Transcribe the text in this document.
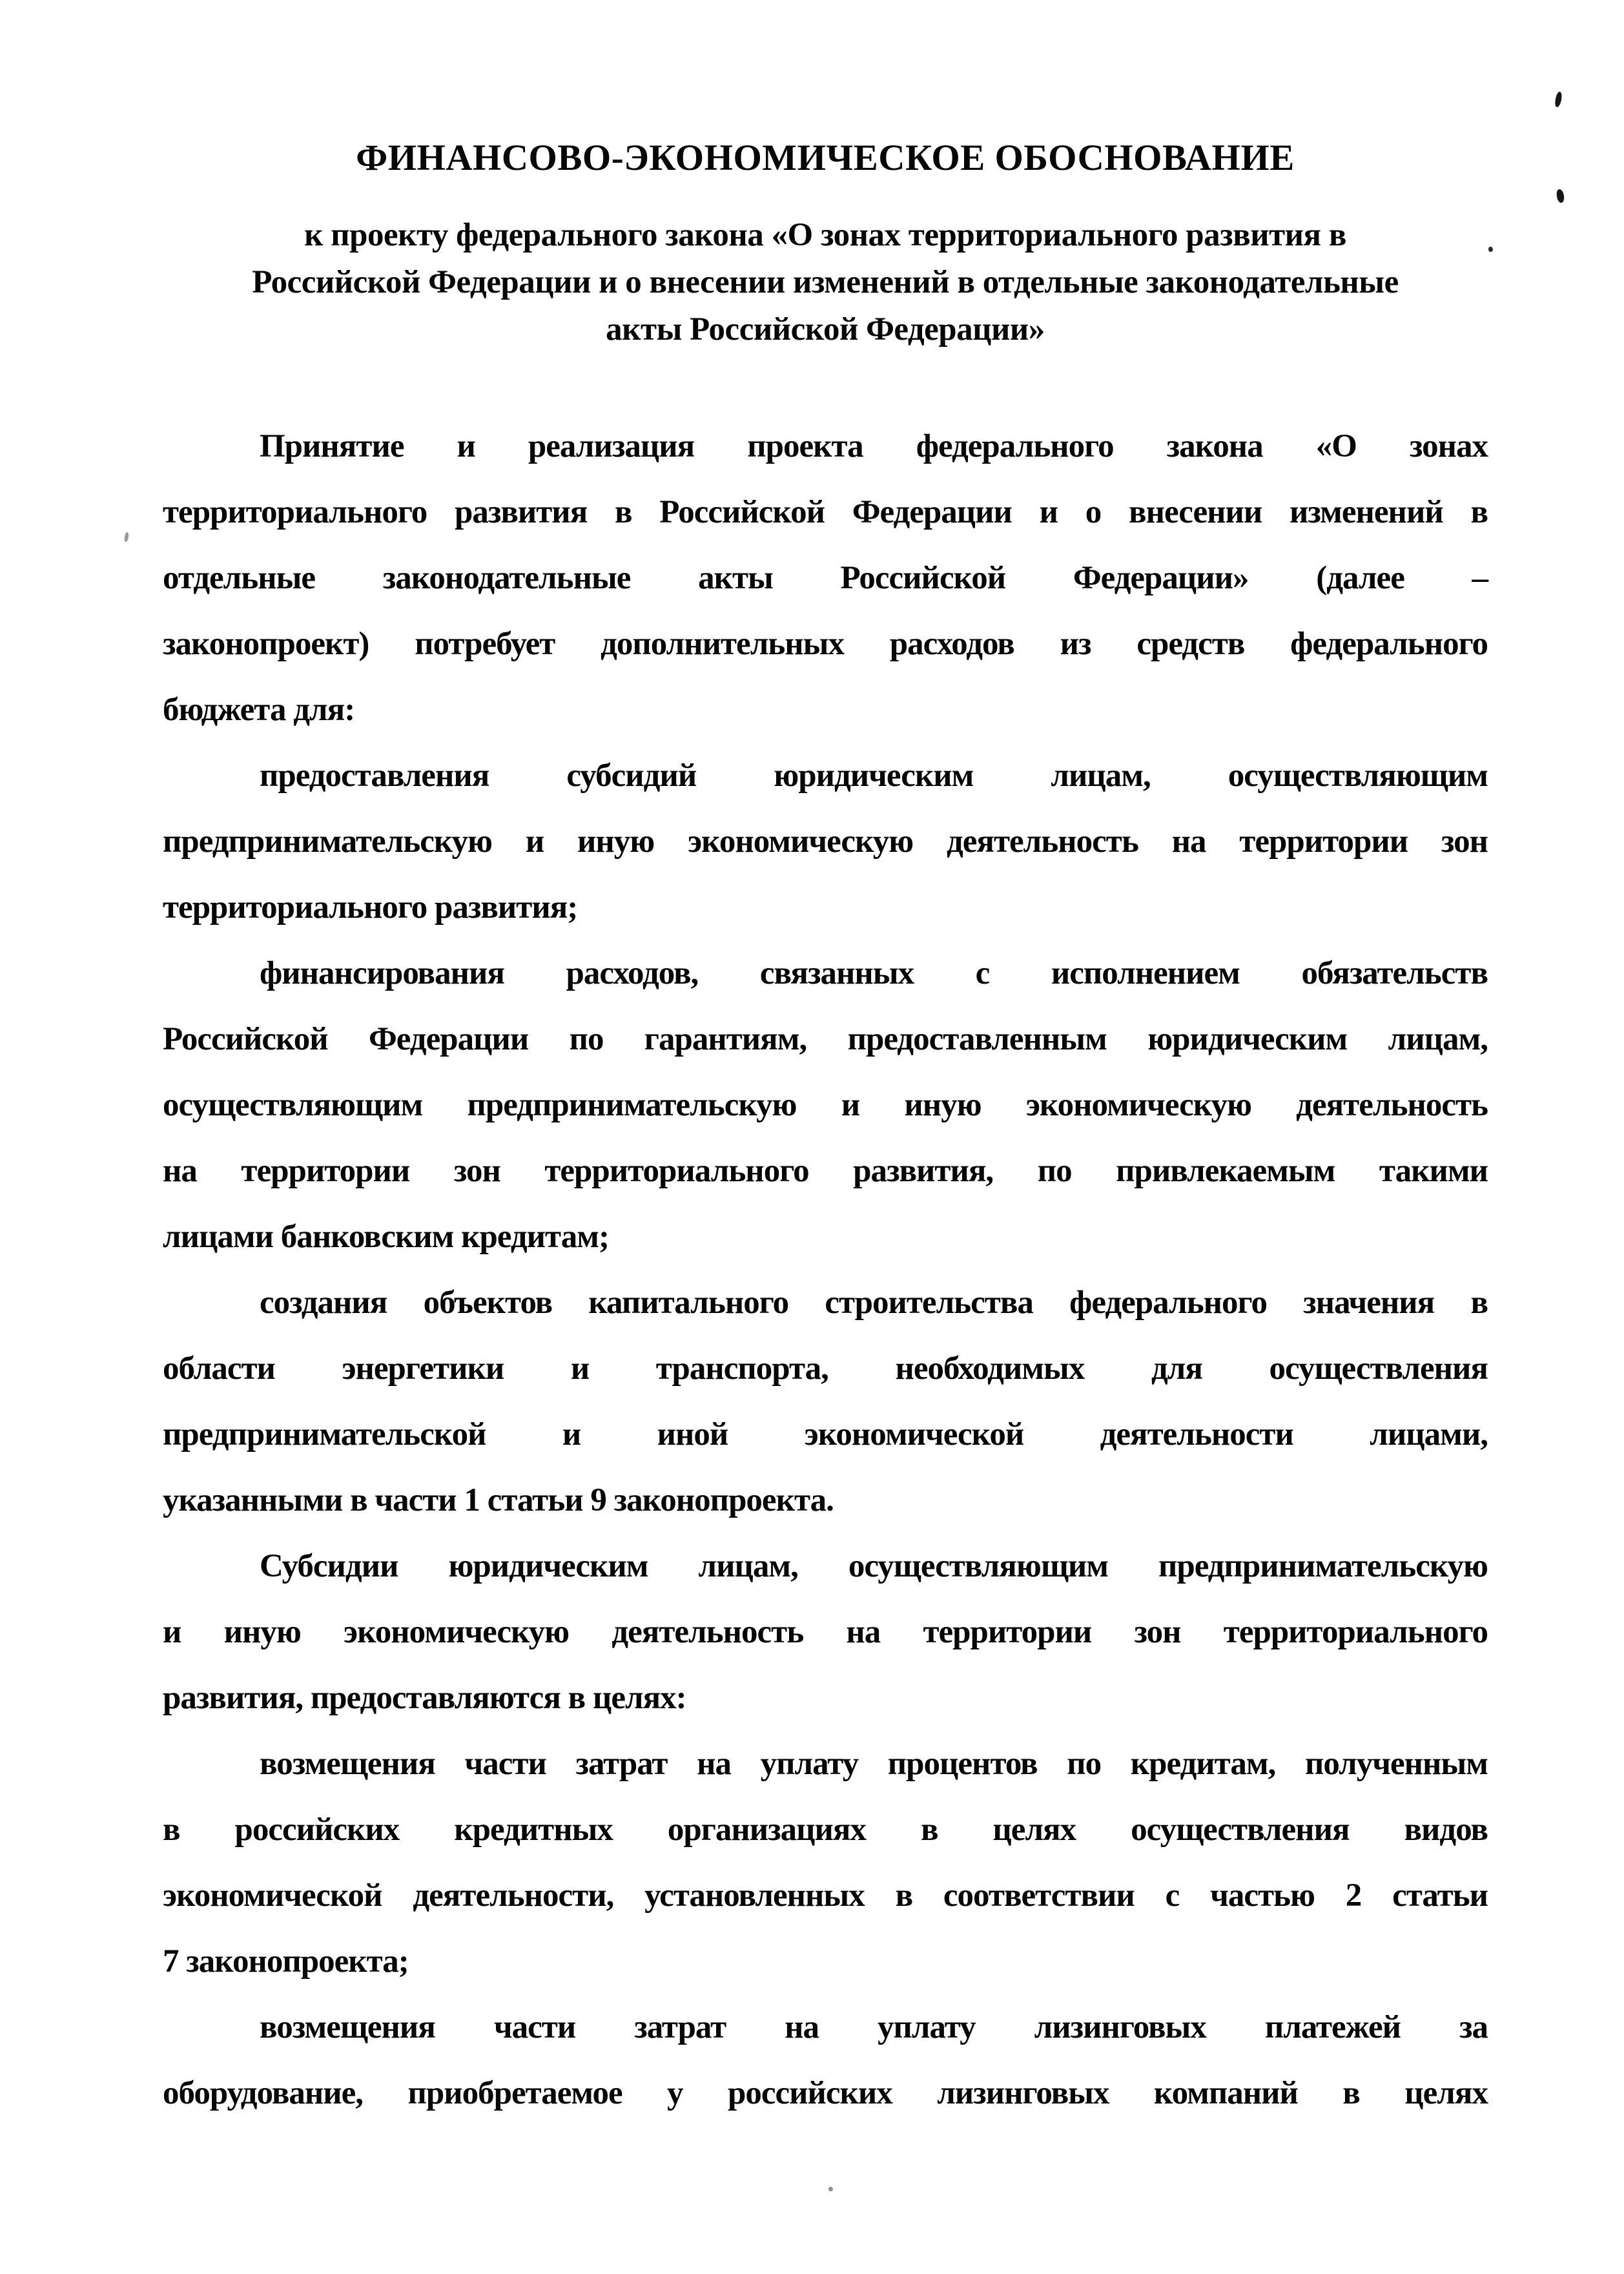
ФИНАНСОВО-ЭКОНОМИЧЕСКОЕ ОБОСНОВАНИЕ
к проекту федерального закона «О зонах территориального развития в
Российской Федерации и о внесении изменений в отдельные законодательные
акты Российской Федерации»
Принятие и реализация проекта федерального закона «О зонах
территориального развития в Российской Федерации и о внесении изменений в
отдельные законодательные акты Российской Федерации» (далее –
законопроект) потребует дополнительных расходов из средств федерального
бюджета для:
предоставления субсидий юридическим лицам, осуществляющим
предпринимательскую и иную экономическую деятельность на территории зон
территориального развития;
финансирования расходов, связанных с исполнением обязательств
Российской Федерации по гарантиям, предоставленным юридическим лицам,
осуществляющим предпринимательскую и иную экономическую деятельность
на территории зон территориального развития, по привлекаемым такими
лицами банковским кредитам;
создания объектов капитального строительства федерального значения в
области энергетики и транспорта, необходимых для осуществления
предпринимательской и иной экономической деятельности лицами,
указанными в части 1 статьи 9 законопроекта.
Субсидии юридическим лицам, осуществляющим предпринимательскую
и иную экономическую деятельность на территории зон территориального
развития, предоставляются в целях:
возмещения части затрат на уплату процентов по кредитам, полученным
в российских кредитных организациях в целях осуществления видов
экономической деятельности, установленных в соответствии с частью 2 статьи
7 законопроекта;
возмещения части затрат на уплату лизинговых платежей за
оборудование, приобретаемое у российских лизинговых компаний в целях
